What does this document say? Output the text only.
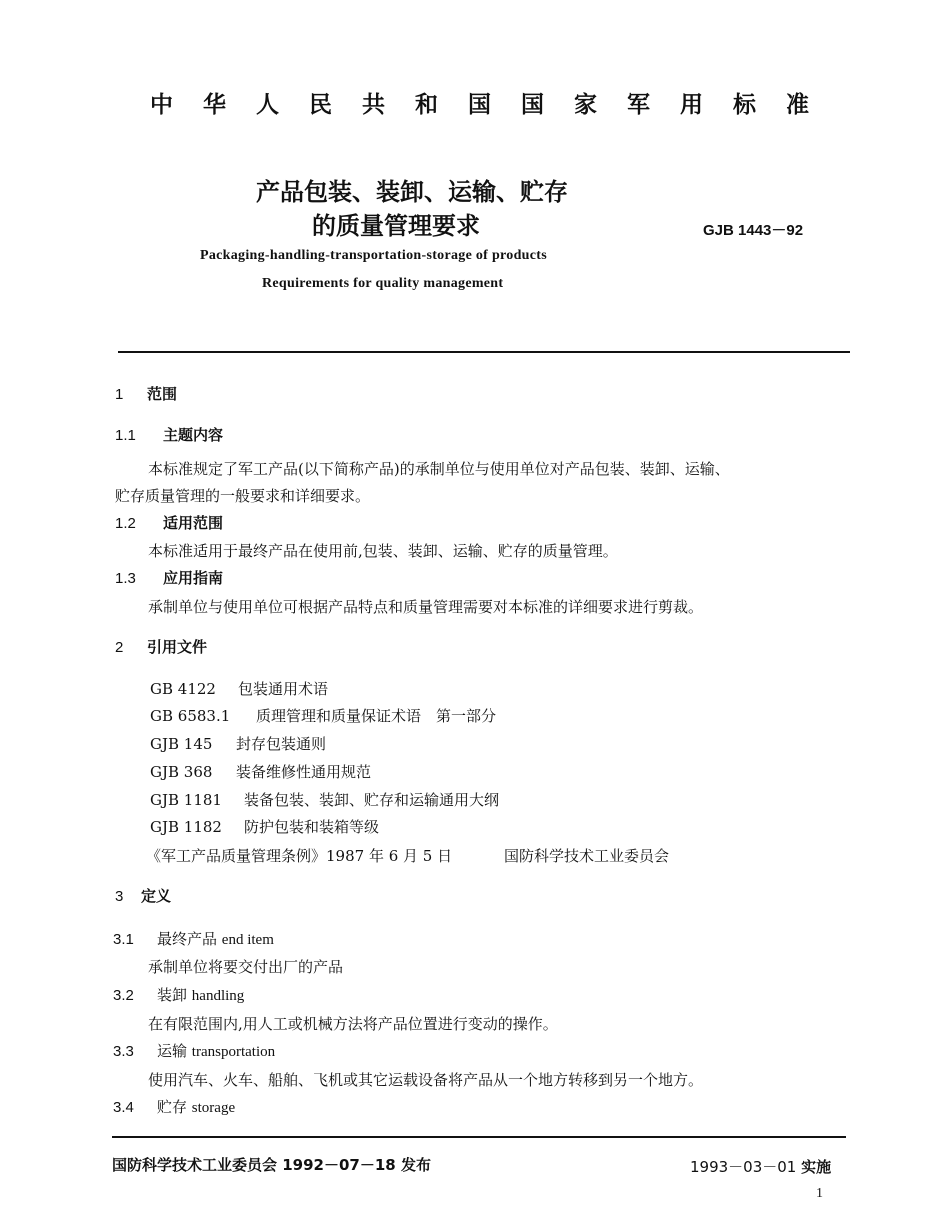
中 华 人 民 共 和 国 国 家 军 用 标 准
产品包装、装卸、运输、贮存
的质量管理要求	GJB 1443－92
Packaging-handling-transportation-storage of products
Requirements for quality management
1 范围
1.1 主题内容
本标准规定了军工产品(以下简称产品)的承制单位与使用单位对产品包装、装卸、运输、
贮存质量管理的一般要求和详细要求。
1.2 适用范围
本标准适用于最终产品在使用前,包装、装卸、运输、贮存的质量管理。
1.3 应用指南
承制单位与使用单位可根据产品特点和质量管理需要对本标准的详细要求进行剪裁。
2 引用文件
GB 4122 包装通用术语
GB 6583.1 质理管理和质量保证术语　第一部分
GJB 145 封存包装通则
GJB 368 装备维修性通用规范
GJB 1181 装备包装、装卸、贮存和运输通用大纲
GJB 1182 防护包装和装箱等级
《军工产品质量管理条例》1987 年 6 月 5 日	国防科学技术工业委员会
3 定义
3.1 最终产品 end item
承制单位将要交付出厂的产品
3.2 装卸 handling
在有限范围内,用人工或机械方法将产品位置进行变动的操作。
3.3 运输 transportation
使用汽车、火车、船舶、飞机或其它运载设备将产品从一个地方转移到另一个地方。
3.4 贮存 storage
国防科学技术工业委员会 1992－07－18 发布	1993－03－01 实施
1
